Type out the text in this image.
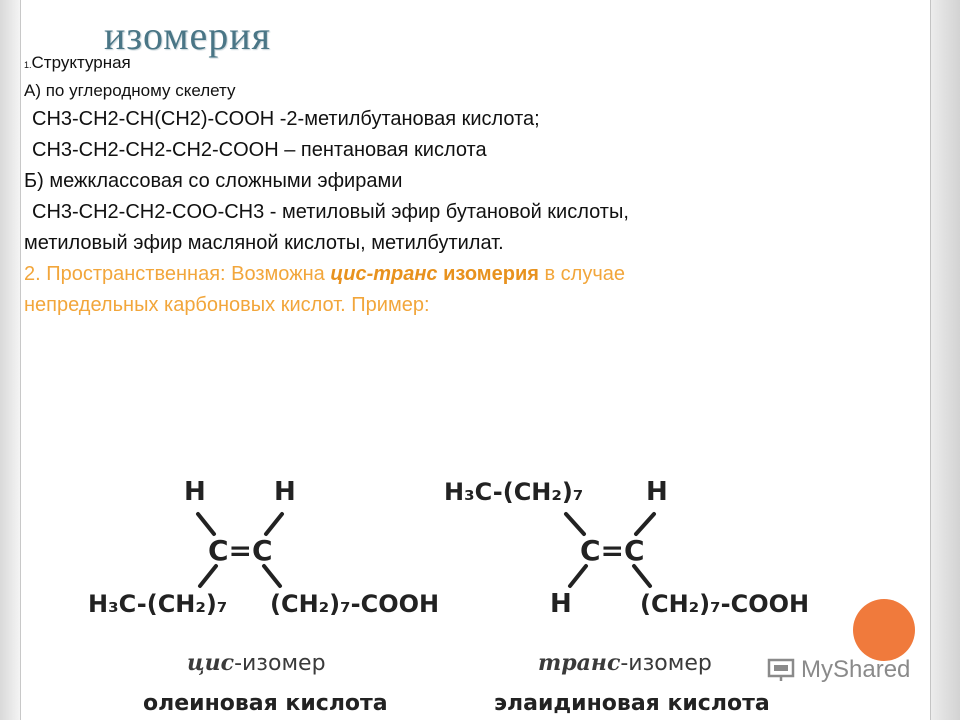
изомерия
1.Структурная
А) по углеродному скелету
CH3-CH2-CH(CH2)-COOH -2-метилбутановая кислота;
CH3-CH2-CH2-CH2-COOH – пентановая кислота
Б) межклассовая со сложными эфирами
CH3-CH2-CH2-COO-CH3 - метиловый эфир бутановой кислоты,
метиловый эфир масляной кислоты, метилбутилат.
2. Пространственная: Возможна цис-транс изомерия в случае
непредельных карбоновых кислот. Пример:
H	H
C=C
H₃C-(CH₂)₇ (CH₂)₇-COOH
цис-изомер
олеиновая кислота
H₃C-(CH₂)₇ H
C=C
H	(CH₂)₇-COOH
транс-изомер
элаидиновая кислота
MyShared
